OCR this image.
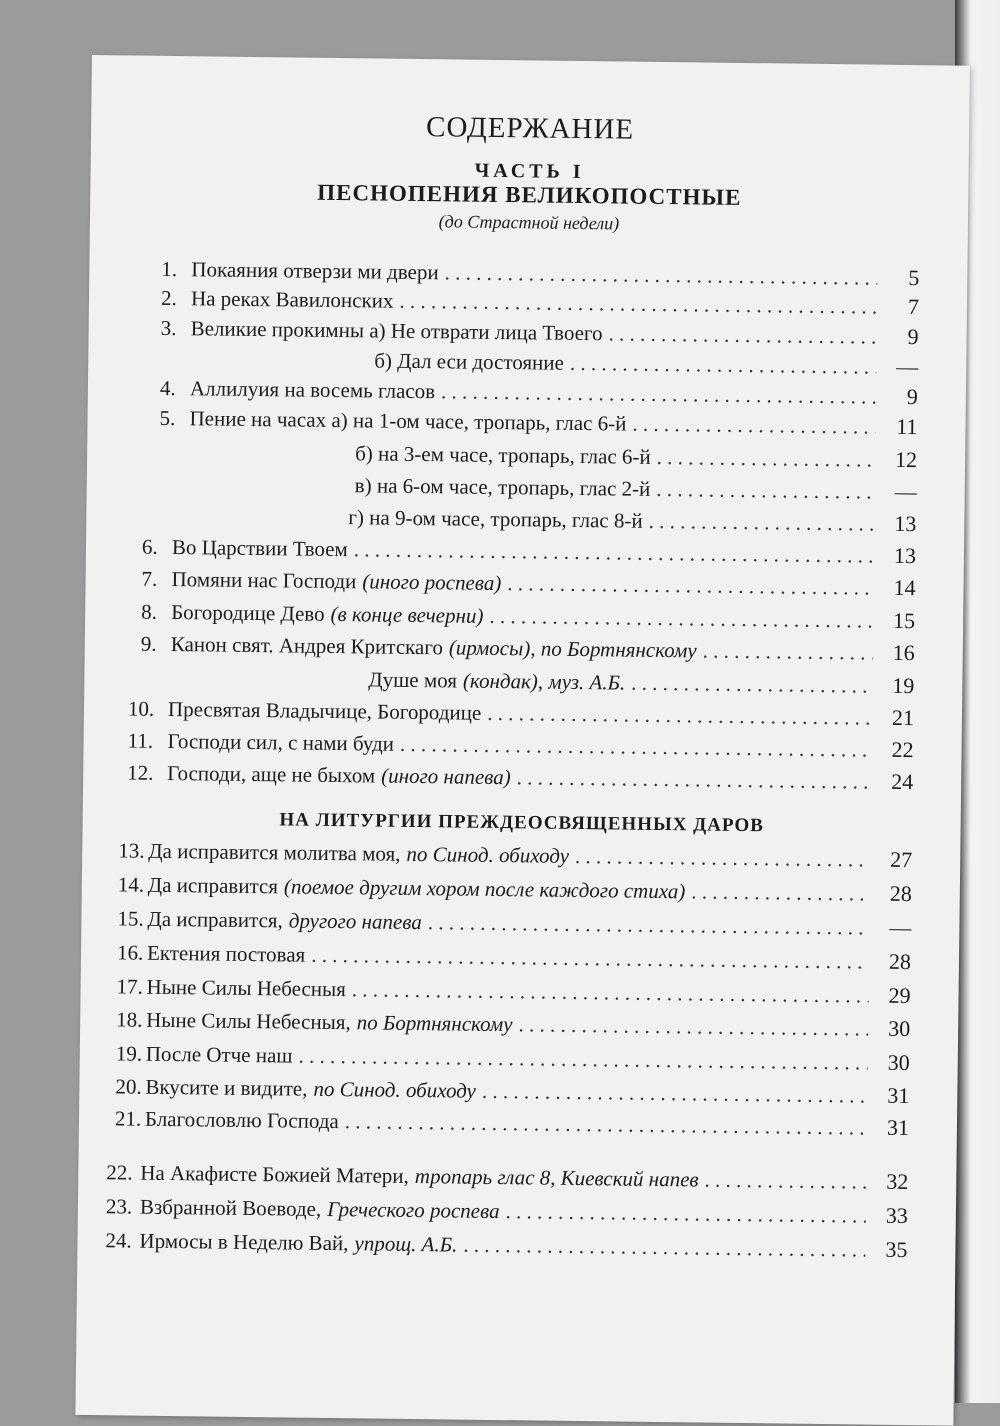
СОДЕРЖАНИЕ
ЧАСТЬ I
ПЕСНОПЕНИЯ ВЕЛИКОПОСТНЫЕ
(до Страстной недели)
НА ЛИТУРГИИ ПРЕЖДЕОСВЯЩЕННЫХ ДАРОВ
1. Покаяния отверзи ми двери . . .	5
2. На реках Вавилонских . . .	7
3. Великие прокимны а) Не отврати лица Твоего . . .	9
б) Дал еси достояние . . .	—
4. Аллилуия на восемь гласов . . .	9
5. Пение на часах а) на 1-ом часе, тропарь, глас 6-й . . .	11
б) на 3-ем часе, тропарь, глас 6-й . . .	12
в) на 6-ом часе, тропарь, глас 2-й . . .	—
г) на 9-ом часе, тропарь, глас 8-й . . .	13
6. Во Царствии Твоем . . .	13
7. Помяни нас Господи (иного роспева) . . .	14
8. Богородице Дево (в конце вечерни) . . .	15
9. Канон свят. Андрея Критскаго (ирмосы), по Бортнянскому . . .	16
Душе моя (кондак), муз. А.Б. . . .	19
10. Пресвятая Владычице, Богородице . . .	21
11. Господи сил, с нами буди . . .	22
12. Господи, аще не быхом (иного напева) . . .	24
13. Да исправится молитва моя, по Синод. обиходу . . .	27
14. Да исправится (поемое другим хором после каждого стиха) . . .	28
15. Да исправится, другого напева . . .	—
16. Ектения постовая . . .	28
17. Ныне Силы Небесныя . . .	29
18. Ныне Силы Небесныя, по Бортнянскому . . .	30
19. После Отче наш . . .	30
20. Вкусите и видите, по Синод. обиходу . . .	31
21. Благословлю Господа . . .	31
22. На Акафисте Божией Матери, тропарь глас 8, Киевский напев . . .	32
23. Взбранной Воеводе, Греческого роспева . . .	33
24. Ирмосы в Неделю Вай, упрощ. А.Б. . . .	35
